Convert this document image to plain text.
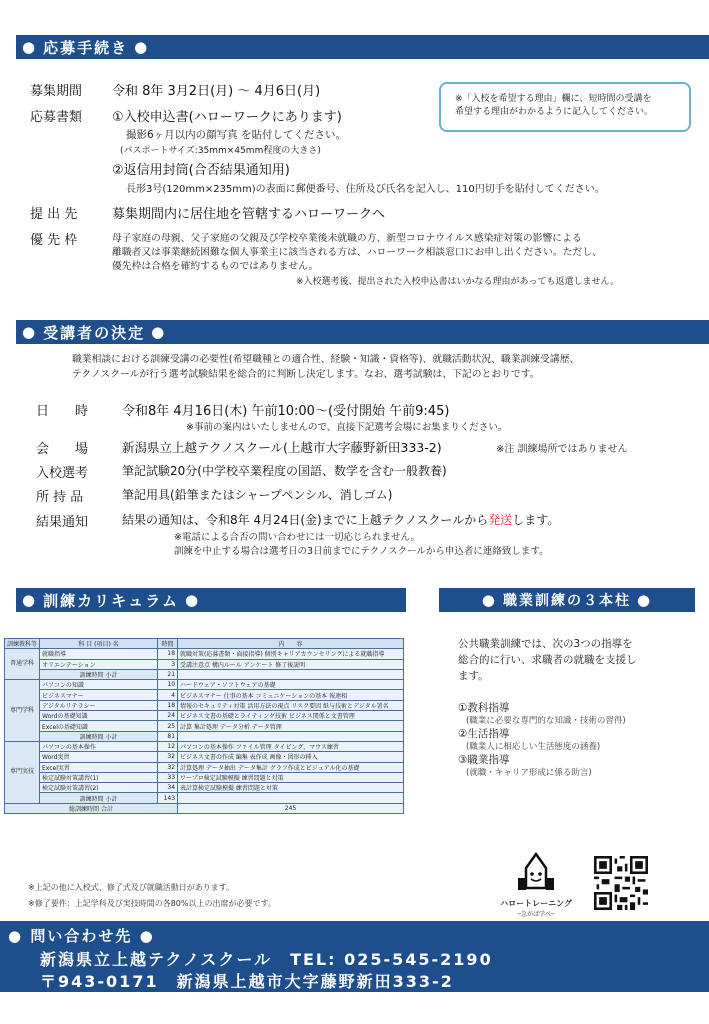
● 応募手続き ●
募集期間 令和 8年 3月2日(月) ～ 4月6日(月)
応募書類 ①入校申込書(ハローワークにあります)
撮影6ヶ月以内の顔写真 を貼付してください。
(パスポートサイズ:35mm×45mm程度の大きさ)
②返信用封筒(合否結果通知用)
長形3号(120mm×235mm)の表面に郵便番号、住所及び氏名を記入し、110円切手を貼付してください。
提 出 先	募集期間内に居住地を管轄するハローワークへ
優 先 枠	母子家庭の母親、父子家庭の父親及び学校卒業後未就職の方、新型コロナウイルス感染症対策の影響による
離職者又は事業継続困難な個人事業主に該当される方は、ハローワーク相談窓口にお申し出ください。ただし、
優先枠は合格を確約するものではありません。
※入校選考後、提出された入校申込書はいかなる理由があっても返還しません。
※「入校を希望する理由」欄に、短時間の受講を
希望する理由がわかるように記入してください。
● 受講者の決定 ●
職業相談における訓練受講の必要性(希望職種との適合性、経験・知識・資格等)、就職活動状況、職業訓練受講歴、
テクノスクールが行う選考試験結果を総合的に判断し決定します。なお、選考試験は、下記のとおりです。
日　　時	令和8年 4月16日(木) 午前10:00～(受付開始 午前9:45)
※事前の案内はいたしませんので、直接下記選考会場にお集まりください。
会　　場	新潟県立上越テクノスクール(上越市大字藤野新田333-2)	※注 訓練場所ではありません
入校選考	筆記試験20分(中学校卒業程度の国語、数学を含む一般教養)
所 持 品	筆記用具(鉛筆またはシャープペンシル、消しゴム)
結果通知	結果の通知は、令和8年 4月24日(金)までに上越テクノスクールから発送します。
※電話による合否の問い合わせには一切応じられません。
訓練を中止する場合は選考日の3日前までにテクノスクールから申込者に連絡致します。
● 訓練カリキュラム ●
訓練教科等	科 目 (項目) 名	時間	内　　容
普通学科	就職指導	18	就職対策(応募書類・面接指導) 個別キャリアカウンセリングによる就職指導
	オリエンテーション	3	受講注意点 構内ルール アンケート 修了後説明
	訓練時間 小計	21	
専門学科	パソコンの知識	10	ハードウェア・ソフトウェアの基礎
	ビジネスマナー	4	ビジネスマナー 仕事の基本 コミュニケーションの基本 報連相
	デジタルリテラシー	18	情報のセキュリティ対策 活用方法の視点 リスク要因 紙与技術とデジタル署名
	Wordの基礎知識	24	ビジネス文書の基礎とライティング技術 ビジネス関係と文書管理
	Excelの基礎知識	25	計算 集計処理 データ分析 データ管理
	訓練時間 小計	81	
専門実技	パソコンの基本操作	12	パソコンの基本操作 ファイル管理 タイピング、マウス練習
	Word実習	32	ビジネス文書の作成 編集 表作成 画像・図形の挿入
	Excel実習	32	計算処理 データ抽出 データ集計 グラフ作成とビジュアル化の基礎
	検定試験対策講習(1)	33	ワープロ検定試験模擬 練習問題と対策
	検定試験対策講習(2)	34	表計算検定試験模擬 練習問題と対策
	訓練時間 小計	143	
総訓練時間 合計			245
※上記の他に入校式、修了式及び就職活動日があります。
※修了要件：上記学科及び実技時間の各80%以上の出席が必要です。
● 職業訓練の３本柱 ●
公共職業訓練では、次の3つの指導を
総合的に行い、求職者の就職を支援し
ます。
①教科指導
(職業に必要な専門的な知識・技術の習得)
②生活指導
(職業人に相応しい生活態度の涵養)
③職業指導
(就職・キャリア形成に係る助言)
ハロートレーニング
─急がば学べ─
● 問い合わせ先 ●
新潟県立上越テクノスクール　TEL: 025-545-2190
〒943-0171　新潟県上越市大字藤野新田333-2
